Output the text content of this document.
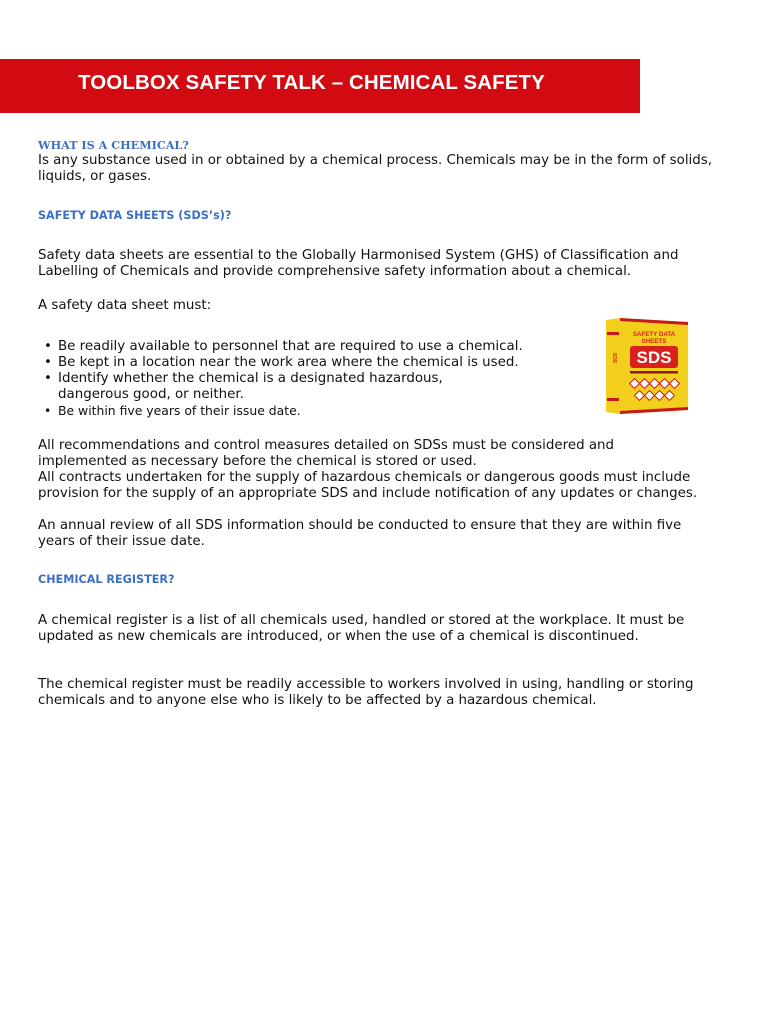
TOOLBOX SAFETY TALK – CHEMICAL SAFETY
WHAT IS A CHEMICAL?

Is any substance used in or obtained by a chemical process. Chemicals may be in the form of solids, liquids, or gases.

SAFETY DATA SHEETS (SDS’s)?

Safety data sheets are essential to the Globally Harmonised System (GHS) of Classification and Labelling of Chemicals and provide comprehensive safety information about a chemical.

A safety data sheet must:

• Be readily available to personnel that are required to use a chemical.
• Be kept in a location near the work area where the chemical is used.
• Identify whether the chemical is a designated hazardous, dangerous good, or neither.
• Be within five years of their issue date.
SDS
SAFETY DATA
SHEETS
SDS

All recommendations and control measures detailed on SDSs must be considered and implemented as necessary before the chemical is stored or used.

All contracts undertaken for the supply of hazardous chemicals or dangerous goods must include provision for the supply of an appropriate SDS and include notification of any updates or changes.

An annual review of all SDS information should be conducted to ensure that they are within five years of their issue date.

CHEMICAL REGISTER?

A chemical register is a list of all chemicals used, handled or stored at the workplace. It must be updated as new chemicals are introduced, or when the use of a chemical is discontinued.

The chemical register must be readily accessible to workers involved in using, handling or storing chemicals and to anyone else who is likely to be affected by a hazardous chemical.
